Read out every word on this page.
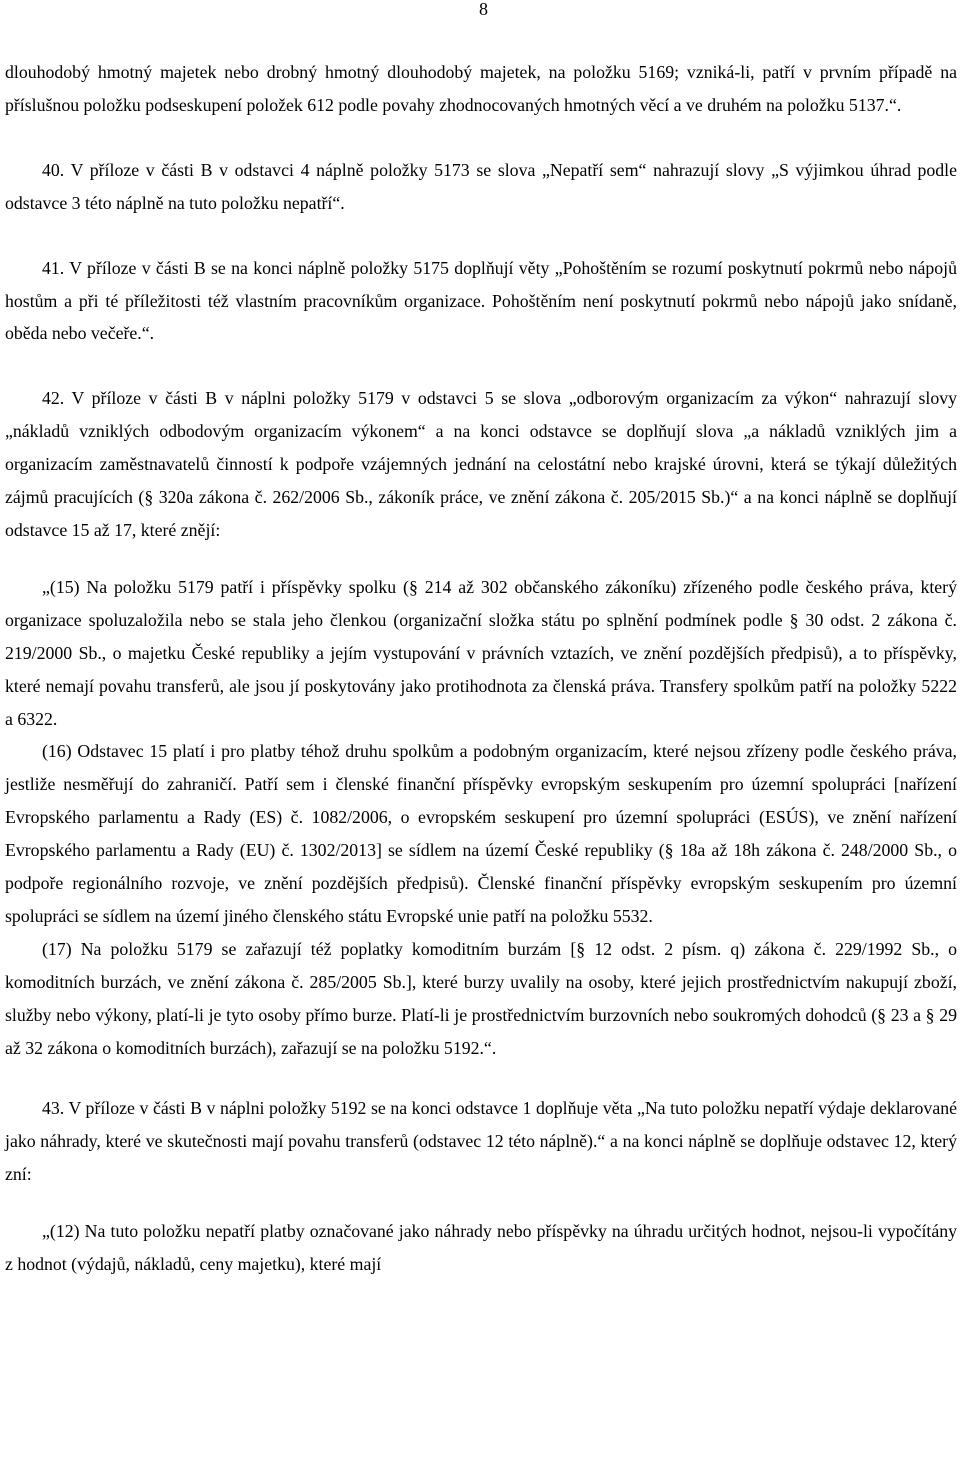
8

dlouhodobý hmotný majetek nebo drobný hmotný dlouhodobý majetek, na položku 5169; vzniká-li, patří v prvním případě na příslušnou položku podseskupení položek 612 podle povahy zhodnocovaných hmotných věcí a ve druhém na položku 5137.“.

40. V příloze v části B v odstavci 4 náplně položky 5173 se slova „Nepatří sem“ nahrazují slovy „S výjimkou úhrad podle odstavce 3 této náplně na tuto položku nepatří“.

41. V příloze v části B se na konci náplně položky 5175 doplňují věty „Pohoštěním se rozumí poskytnutí pokrmů nebo nápojů hostům a při té příležitosti též vlastním pracovníkům organizace. Pohoštěním není poskytnutí pokrmů nebo nápojů jako snídaně, oběda nebo večeře.“.

42. V příloze v části B v náplni položky 5179 v odstavci 5 se slova „odborovým organizacím za výkon“ nahrazují slovy „nákladů vzniklých odbodovým organizacím výkonem“ a na konci odstavce se doplňují slova „a nákladů vzniklých jim a organizacím zaměstnavatelů činností k podpoře vzájemných jednání na celostátní nebo krajské úrovni, která se týkají důležitých zájmů pracujících (§ 320a zákona č. 262/2006 Sb., zákoník práce, ve znění zákona č. 205/2015 Sb.)“ a na konci náplně se doplňují odstavce 15 až 17, které znějí:

„(15) Na položku 5179 patří i příspěvky spolku (§ 214 až 302 občanského zákoníku) zřízeného podle českého práva, který organizace spoluzaložila nebo se stala jeho členkou (organizační složka státu po splnění podmínek podle § 30 odst. 2 zákona č. 219/2000 Sb., o majetku České republiky a jejím vystupování v právních vztazích, ve znění pozdějších předpisů), a to příspěvky, které nemají povahu transferů, ale jsou jí poskytovány jako protihodnota za členská práva. Transfery spolkům patří na položky 5222 a 6322.

(16) Odstavec 15 platí i pro platby téhož druhu spolkům a podobným organizacím, které nejsou zřízeny podle českého práva, jestliže nesměřují do zahraničí. Patří sem i členské finanční příspěvky evropským seskupením pro územní spolupráci [nařízení Evropského parlamentu a Rady (ES) č. 1082/2006, o evropském seskupení pro územní spolupráci (ESÚS), ve znění nařízení Evropského parlamentu a Rady (EU) č. 1302/2013] se sídlem na území České republiky (§ 18a až 18h zákona č. 248/2000 Sb., o podpoře regionálního rozvoje, ve znění pozdějších předpisů). Členské finanční příspěvky evropským seskupením pro územní spolupráci se sídlem na území jiného členského státu Evropské unie patří na položku 5532.

(17) Na položku 5179 se zařazují též poplatky komoditním burzám [§ 12 odst. 2 písm. q) zákona č. 229/1992 Sb., o komoditních burzách, ve znění zákona č. 285/2005 Sb.], které burzy uvalily na osoby, které jejich prostřednictvím nakupují zboží, služby nebo výkony, platí-li je tyto osoby přímo burze. Platí-li je prostřednictvím burzovních nebo soukromých dohodců (§ 23 a § 29 až 32 zákona o komoditních burzách), zařazují se na položku 5192.“.

43. V příloze v části B v náplni položky 5192 se na konci odstavce 1 doplňuje věta „Na tuto položku nepatří výdaje deklarované jako náhrady, které ve skutečnosti mají povahu transferů (odstavec 12 této náplně).“ a na konci náplně se doplňuje odstavec 12, který zní:

„(12) Na tuto položku nepatří platby označované jako náhrady nebo příspěvky na úhradu určitých hodnot, nejsou-li vypočítány z hodnot (výdajů, nákladů, ceny majetku), které mají
